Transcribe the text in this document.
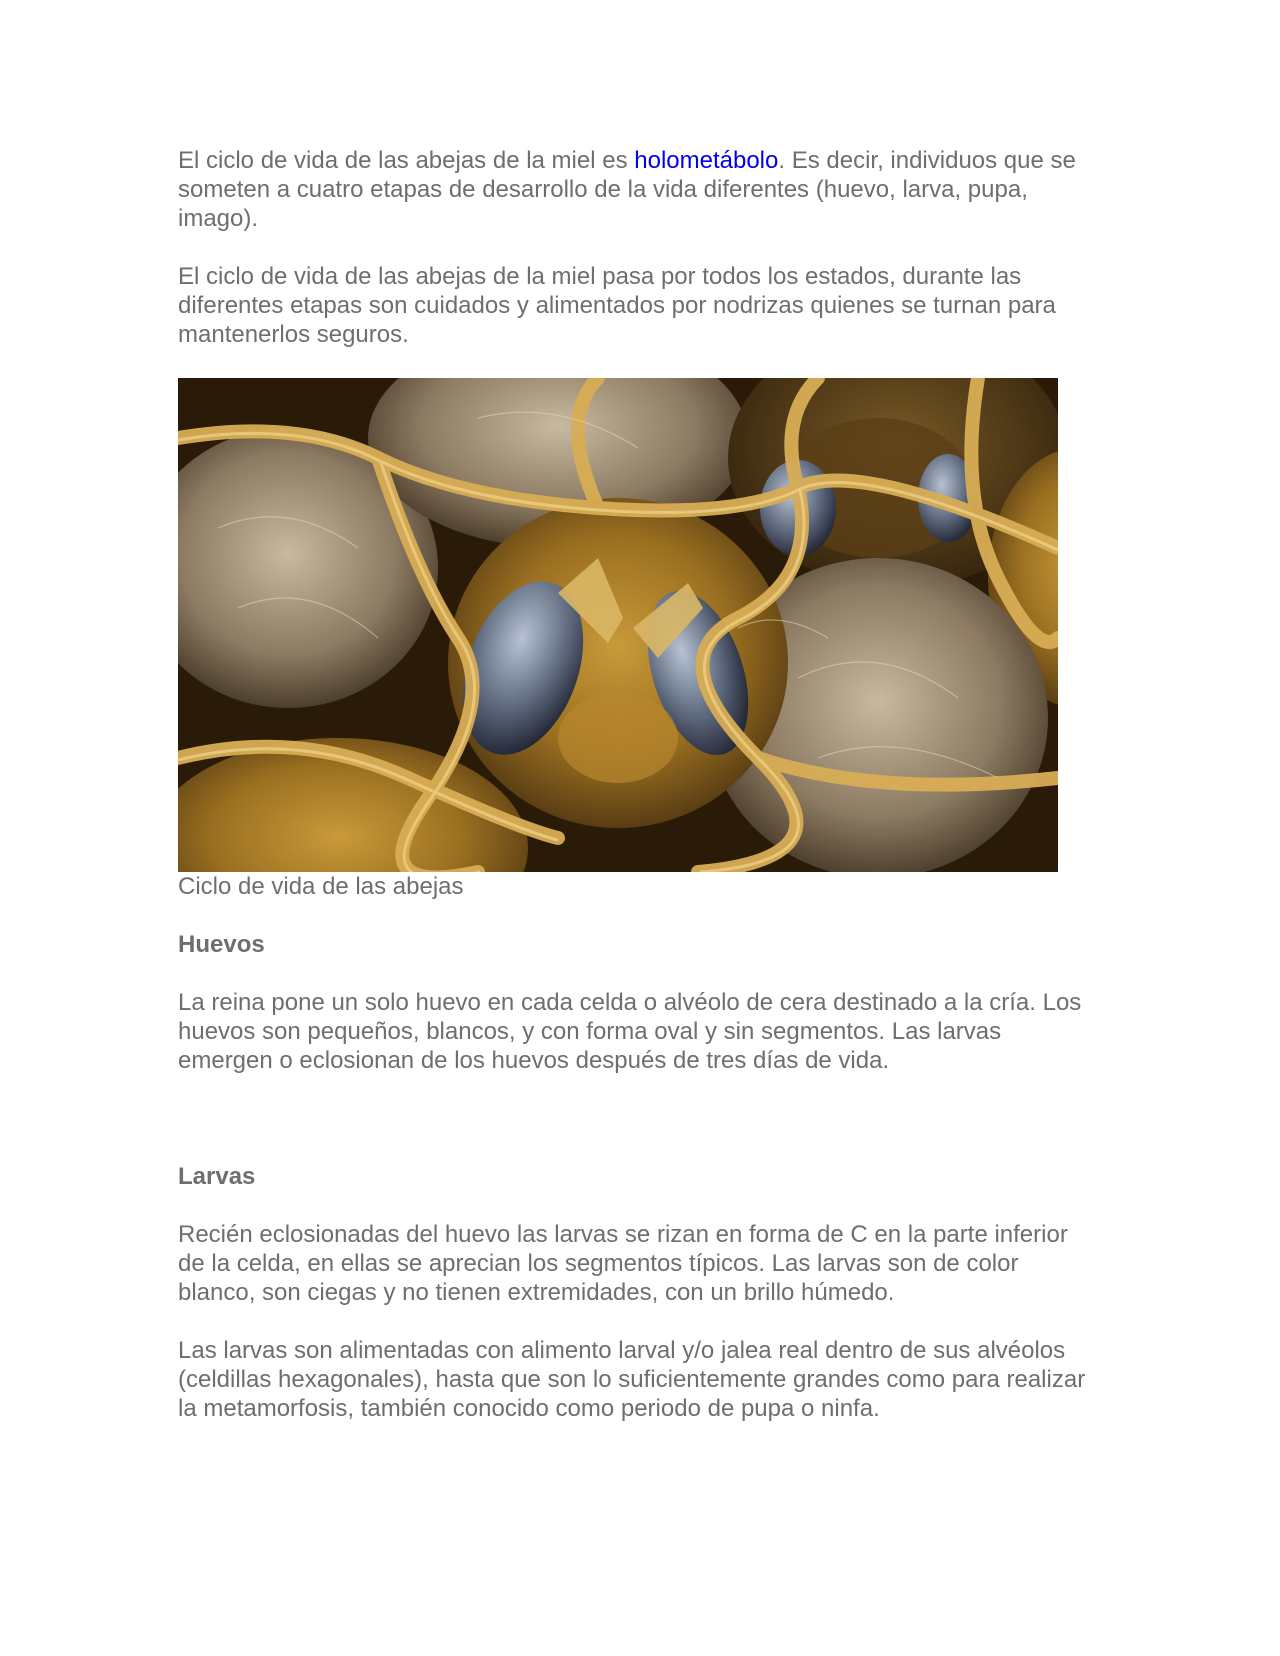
El ciclo de vida de las abejas de la miel es holometábolo. Es decir, individuos que se someten a cuatro etapas de desarrollo de la vida diferentes (huevo, larva, pupa, imago).

El ciclo de vida de las abejas de la miel pasa por todos los estados, durante las diferentes etapas son cuidados y alimentados por nodrizas quienes se turnan para mantenerlos seguros.

Ciclo de vida de las abejas
Huevos

La reina pone un solo huevo en cada celda o alvéolo de cera destinado a la cría. Los huevos son pequeños, blancos, y con forma oval y sin segmentos. Las larvas emergen o eclosionan de los huevos después de tres días de vida.

Larvas

Recién eclosionadas del huevo las larvas se rizan en forma de C en la parte inferior de la celda, en ellas se aprecian los segmentos típicos. Las larvas son de color blanco, son ciegas y no tienen extremidades, con un brillo húmedo.

Las larvas son alimentadas con alimento larval y/o jalea real dentro de sus alvéolos (celdillas hexagonales), hasta que son lo suficientemente grandes como para realizar la metamorfosis, también conocido como periodo de pupa o ninfa.
